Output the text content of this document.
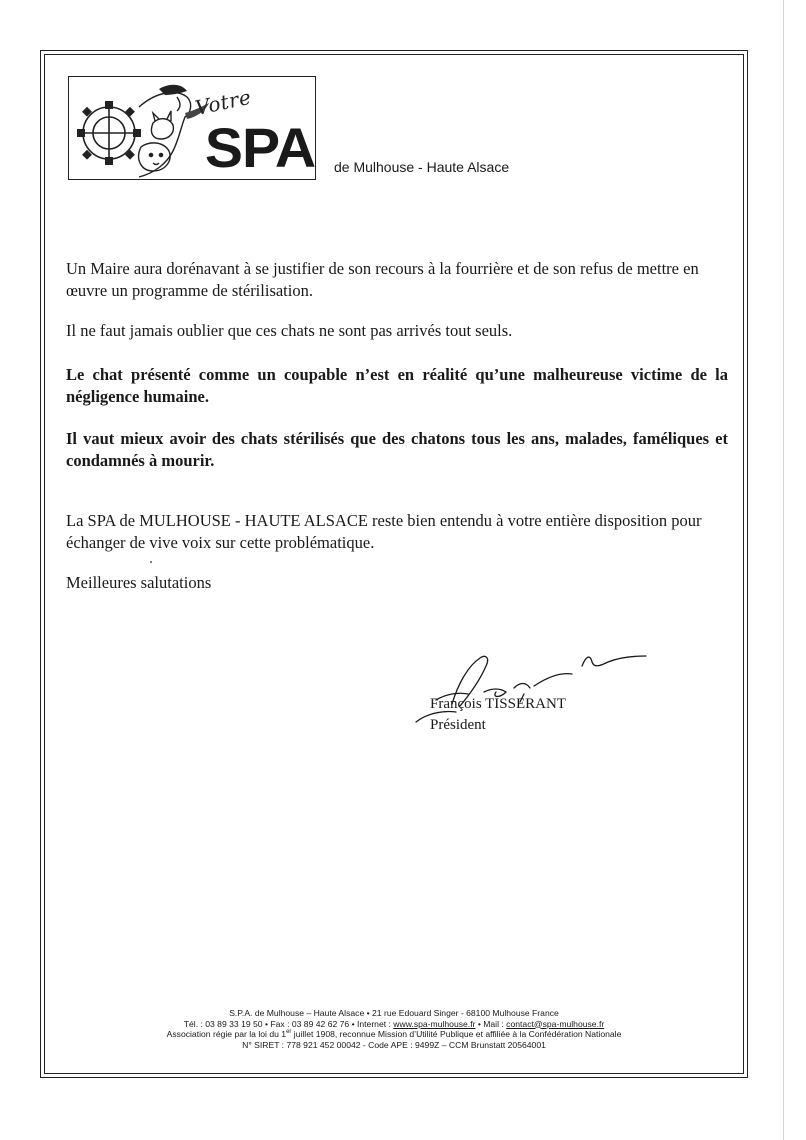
Votre
SPA de Mulhouse - Haute Alsace

Un Maire aura dorénavant à se justifier de son recours à la fourrière et de son refus de mettre en œuvre un programme de stérilisation.

Il ne faut jamais oublier que ces chats ne sont pas arrivés tout seuls.

Le chat présenté comme un coupable n’est en réalité qu’une malheureuse victime de la négligence humaine.

Il vaut mieux avoir des chats stérilisés que des chatons tous les ans, malades, faméliques et condamnés à mourir.

La SPA de MULHOUSE - HAUTE ALSACE reste bien entendu à votre entière disposition pour échanger de vive voix sur cette problématique.

Meilleures salutations

François TISSERANT
Président
S.P.A. de Mulhouse – Haute Alsace • 21 rue Edouard Singer - 68100 Mulhouse France
Tél. : 03 89 33 19 50 • Fax : 03 89 42 62 76 • Internet : www.spa-mulhouse.fr • Mail : contact@spa-mulhouse.fr
Association régie par la loi du 1er juillet 1908, reconnue Mission d’Utilité Publique et affiliée à la Confédération Nationale
N° SIRET : 778 921 452 00042 - Code APE : 9499Z – CCM Brunstatt 20564001
